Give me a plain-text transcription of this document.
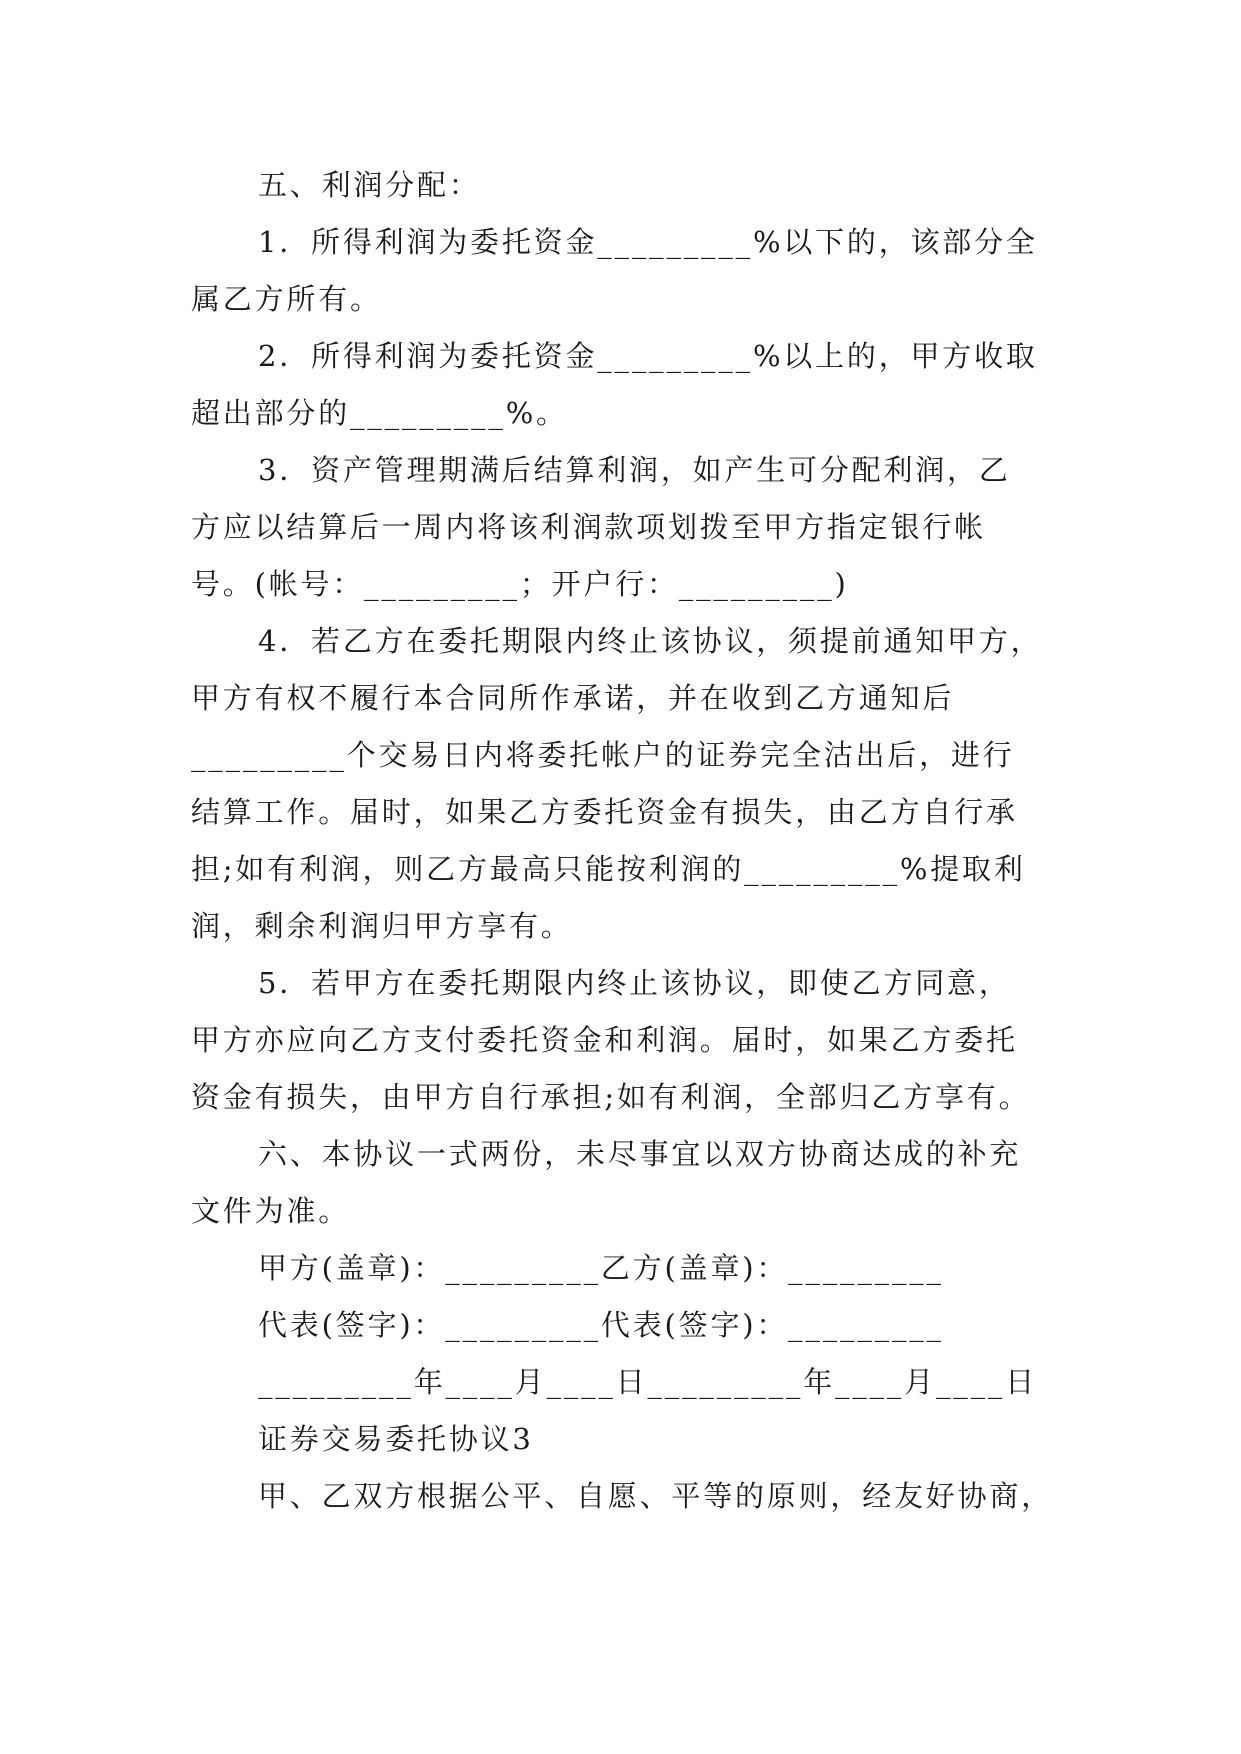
五、利润分配：
1．所得利润为委托资金_________%以下的，该部分全
属乙方所有。
2．所得利润为委托资金_________%以上的，甲方收取
超出部分的_________%。
3．资产管理期满后结算利润，如产生可分配利润，乙
方应以结算后一周内将该利润款项划拨至甲方指定银行帐
号。(帐号：_________；开户行：_________)
4．若乙方在委托期限内终止该协议，须提前通知甲方，
甲方有权不履行本合同所作承诺，并在收到乙方通知后
_________个交易日内将委托帐户的证券完全沽出后，进行
结算工作。届时，如果乙方委托资金有损失，由乙方自行承
担;如有利润，则乙方最高只能按利润的_________%提取利
润，剩余利润归甲方享有。
5．若甲方在委托期限内终止该协议，即使乙方同意，
甲方亦应向乙方支付委托资金和利润。届时，如果乙方委托
资金有损失，由甲方自行承担;如有利润，全部归乙方享有。
六、本协议一式两份，未尽事宜以双方协商达成的补充
文件为准。
甲方(盖章)：_________乙方(盖章)：_________
代表(签字)：_________代表(签字)：_________
_________年____月____日_________年____月____日
证券交易委托协议3
甲、乙双方根据公平、自愿、平等的原则，经友好协商，
